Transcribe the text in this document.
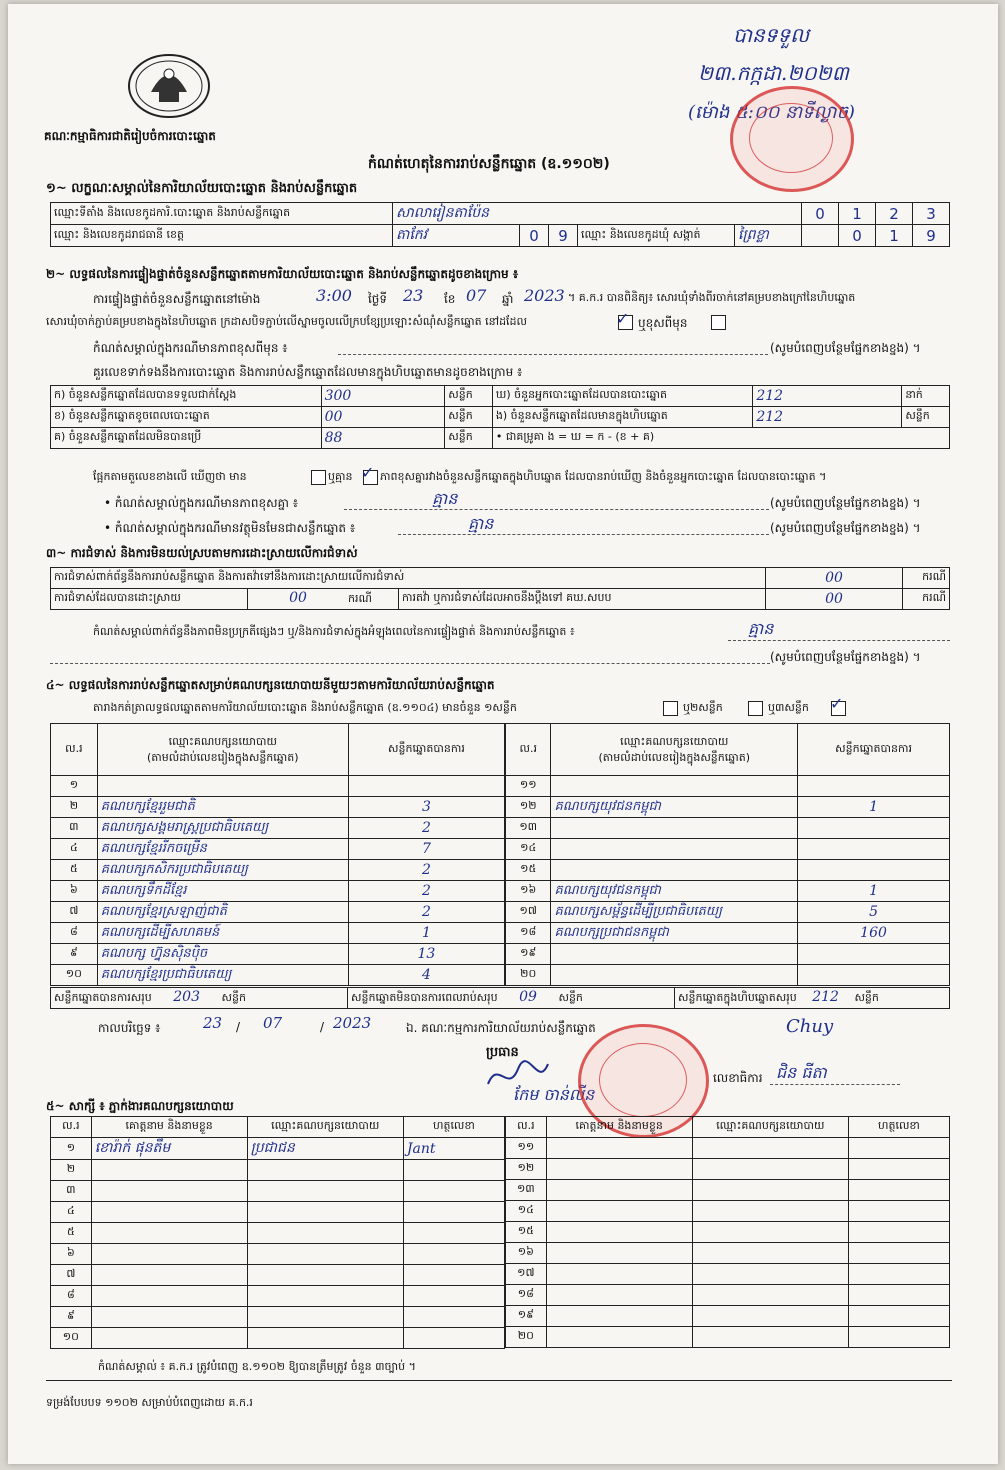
គណៈកម្មាធិការជាតិរៀបចំការបោះឆ្នោត
កំណត់ហេតុនៃការរាប់សន្លឹកឆ្នោត (ឧ.១១០២)
បានទទួល
២៣.កក្កដា.២០២៣
(ម៉ោង ៥:០០ នាទីល្ងាច)
១~ លក្ខណៈសម្គាល់នៃការិយាល័យបោះឆ្នោត និងរាប់សន្លឹកឆ្នោត
ឈ្មោះទីតាំង និងលេខកូដការិ.បោះឆ្នោត និងរាប់សន្លឹកឆ្នោត	សាលារៀនតាប៉ែន	0	1	2	3
ឈ្មោះ និងលេខកូដរាជធានី ខេត្ត		តាកែវ	0	9	ឈ្មោះ និងលេខកូដឃុំ សង្កាត់	ព្រៃខ្លា
			0	1	9
២~ លទ្ធផលនៃការផ្ទៀងផ្ទាត់ចំនួនសន្លឹកឆ្នោតតាមការិយាល័យបោះឆ្នោត និងរាប់សន្លឹកឆ្នោតដូចខាងក្រោម ៖
ការផ្ទៀងផ្ទាត់ចំនួនសន្លឹកឆ្នោតនៅម៉ោង	3:00 ថ្ងៃទី 23 ខែ 07 ឆ្នាំ 2023 ។ គ.ក.រ បានពិនិត្យ៖ សោរឃុំទាំងពីរចាក់នៅគម្របខាងក្រៅនៃហិបឆ្នោត
សោរឃុំចាក់ភ្ជាប់គម្របខាងក្នុងនៃហិបឆ្នោត ក្រដាសបិទភ្ជាប់លើស្នាមចូលលើក្របខ្សែប្រឡោះសំណុំសន្លឹកឆ្នោត នៅដដែល	✓ ឬខុសពីមុន
កំណត់សម្គាល់ក្នុងករណីមានភាពខុសពីមុន ៖	(សូមបំពេញបន្ថែមផ្នែកខាងខ្នង) ។
គួរលេខទាក់ទងនឹងការបោះឆ្នោត និងការរាប់សន្លឹកឆ្នោតដែលមានក្នុងហិបឆ្នោតមានដូចខាងក្រោម ៖
ក) ចំនួនសន្លឹកឆ្នោតដែលបានទទួលជាក់ស្តែង	300	សន្លឹក	ឃ) ចំនួនអ្នកបោះឆ្នោតដែលបានបោះឆ្នោត	212	នាក់
ខ) ចំនួនសន្លឹកឆ្នោតខូចពេលបោះឆ្នោត	00	សន្លឹក	ង) ចំនួនសន្លឹកឆ្នោតដែលមានក្នុងហិបឆ្នោត	212	សន្លឹក
គ) ចំនួនសន្លឹកឆ្នោតដែលមិនបានប្រើ	88	សន្លឹក	• ជាគម្រូគា ង = ឃ = ក - (ខ + គ)		
ផ្អែកតាមតួលេខខាងលើ ឃើញថា មាន	ឬគ្មាន ✓ ភាពខុសគ្នារវាងចំនួនសន្លឹកឆ្នោតក្នុងហិបឆ្នោត ដែលបានរាប់ឃើញ និងចំនួនអ្នកបោះឆ្នោត ដែលបានបោះឆ្នោត ។
• កំណត់សម្គាល់ក្នុងករណីមានភាពខុសគ្នា ៖	គ្មាន	(សូមបំពេញបន្ថែមផ្នែកខាងខ្នង) ។
• កំណត់សម្គាល់ក្នុងករណីមានវត្ថុមិនមែនជាសន្លឹកឆ្នោត ៖	គ្មាន	(សូមបំពេញបន្ថែមផ្នែកខាងខ្នង) ។
៣~ ការជំទាស់ និងការមិនយល់ស្របតាមការដោះស្រាយលើការជំទាស់
ការជំទាស់ពាក់ព័ន្ធនឹងការរាប់សន្លឹកឆ្នោត និងការតវ៉ាទៅនឹងការដោះស្រាយលើការជំទាស់			00	ករណី
ការជំទាស់ដែលបានដោះស្រាយ	00 ករណី	ការតវ៉ា ឬការជំទាស់ដែលអាចនឹងប្តឹងទៅ គឃ.សបប	00	ករណី
កំណត់សម្គាល់ពាក់ព័ន្ធនឹងភាពមិនប្រក្រតីផ្សេងៗ ឬ/និងការជំទាស់ក្នុងអំឡុងពេលនៃការផ្ទៀងផ្ទាត់ និងការរាប់សន្លឹកឆ្នោត ៖	គ្មាន
(សូមបំពេញបន្ថែមផ្នែកខាងខ្នង) ។
៤~ លទ្ធផលនៃការរាប់សន្លឹកឆ្នោតសម្រាប់គណបក្សនយោបាយនីមួយៗតាមការិយាល័យរាប់សន្លឹកឆ្នោត
តារាងកត់ត្រាលទ្ធផលឆ្នោតតាមការិយាល័យបោះឆ្នោត និងរាប់សន្លឹកឆ្នោត (ឧ.១១០៤) មានចំនួន ១សន្លឹក	ឬ២សន្លឹក	ឬ៣សន្លឹក ✓
ល.រ	ឈ្មោះគណបក្សនយោបាយ
(តាមលំដាប់លេខរៀងក្នុងសន្លឹកឆ្នោត)	សន្លឹកឆ្នោតបានការ
១		
២	គណបក្សខ្មែររួមជាតិ	3
៣	គណបក្សសង្គមរាស្ត្រប្រជាធិបតេយ្យ	2
៤	គណបក្សខ្មែររីកចម្រើន	7
៥	គណបក្សកសិករប្រជាធិបតេយ្យ	2
៦	គណបក្សទឹកដីខ្មែរ	2
៧	គណបក្សខ្មែរស្រឡាញ់ជាតិ	2
៨	គណបក្សដើម្បីសហគមន៍	1
៩	គណបក្ស ហ្វ៊ុនស៊ិនប៉ិច	13
១០	គណបក្សខ្មែរប្រជាធិបតេយ្យ	4
ល.រ	ឈ្មោះគណបក្សនយោបាយ
(តាមលំដាប់លេខរៀងក្នុងសន្លឹកឆ្នោត)	សន្លឹកឆ្នោតបានការ
១១		
១២	គណបក្សយុវជនកម្ពុជា	1
១៣		
១៤		
១៥		
១៦	គណបក្សយុវជនកម្ពុជា	1
១៧	គណបក្សសម្ព័ន្ធដើម្បីប្រជាធិបតេយ្យ	5
១៨	គណបក្សប្រជាជនកម្ពុជា	160
១៩		
២០		
សន្លឹកឆ្នោតបានការសរុប 203 សន្លឹក	សន្លឹកឆ្នោតមិនបានការពេលរាប់សរុប 09 សន្លឹក	សន្លឹកឆ្នោតក្នុងហិបឆ្នោតសរុប 212 សន្លឹក
កាលបរិច្ឆេទ ៖	23 / 07	/ 2023	ឯ. គណៈកម្មការការិយាល័យរាប់សន្លឹកឆ្នោត
ប្រធាន
កែម ចាន់លីន
Chuy
លេខាធិការ ជិន ធីតា
៥~ សាក្សី ៖ ភ្នាក់ងារគណបក្សនយោបាយ
ល.រ	គោត្តនាម និងនាមខ្លួន	ឈ្មោះគណបក្សនយោបាយ	ហត្ថលេខា
១	ខោរ៉ាក់ ផុនតឹម	ប្រជាជន	Jant
២			
៣			
៤			
៥			
៦			
៧			
៨			
៩			
១០			
ល.រ	គោត្តនាម និងនាមខ្លួន	ឈ្មោះគណបក្សនយោបាយ	ហត្ថលេខា
១១			
១២			
១៣			
១៤			
១៥			
១៦			
១៧			
១៨			
១៩			
២០			
កំណត់សម្គាល់ ៖ គ.ក.រ ត្រូវបំពេញ ឧ.១១០២ ឱ្យបានត្រឹមត្រូវ ចំនួន ៣ច្បាប់ ។
ទម្រង់បែបបទ ១១០២ សម្រាប់បំពេញដោយ គ.ក.រ
